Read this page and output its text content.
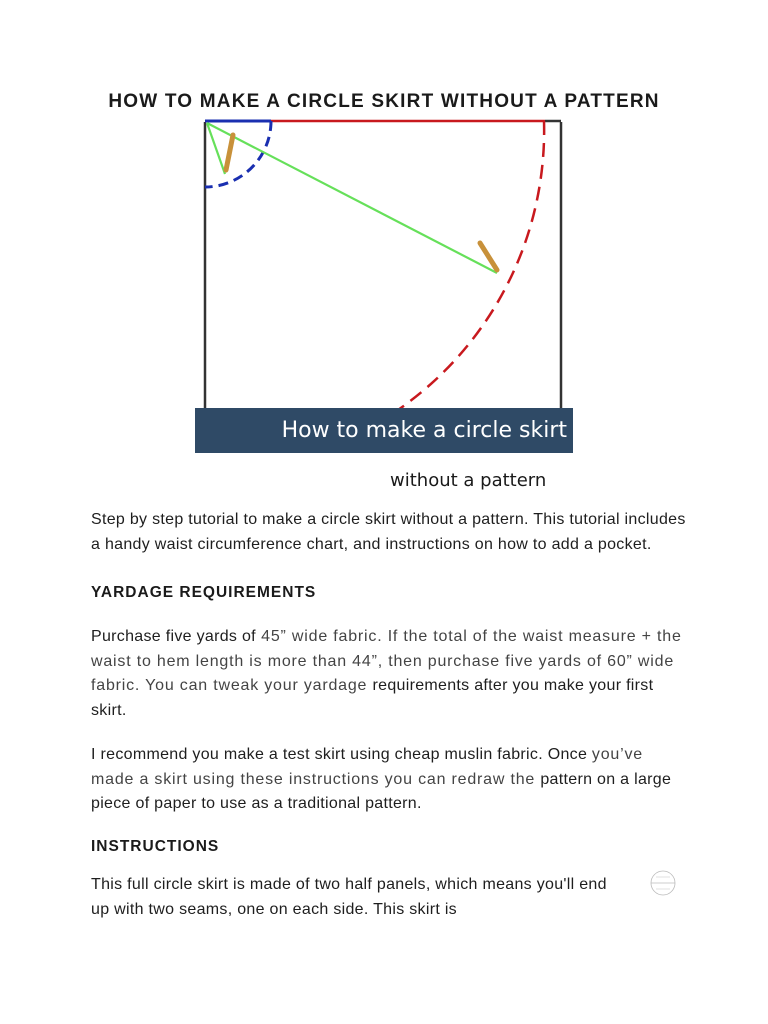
HOW TO MAKE A CIRCLE SKIRT WITHOUT A PATTERN
How to make a circle skirt
without a pattern
Step by step tutorial to make a circle skirt without a pattern. This tutorial includes a handy waist circumference chart, and instructions on how to add a pocket.
YARDAGE REQUIREMENTS
Purchase five yards of 45” wide fabric. If the total of the waist measure + the waist to hem length is more than 44”, then purchase five yards of 60” wide fabric. You can tweak your yardage requirements after you make your first skirt.
I recommend you make a test skirt using cheap muslin fabric. Once you’ve made a skirt using these instructions you can redraw the pattern on a large piece of paper to use as a traditional pattern.
INSTRUCTIONS
This full circle skirt is made of two half panels, which means you'll end up with two seams, one on each side. This skirt is
